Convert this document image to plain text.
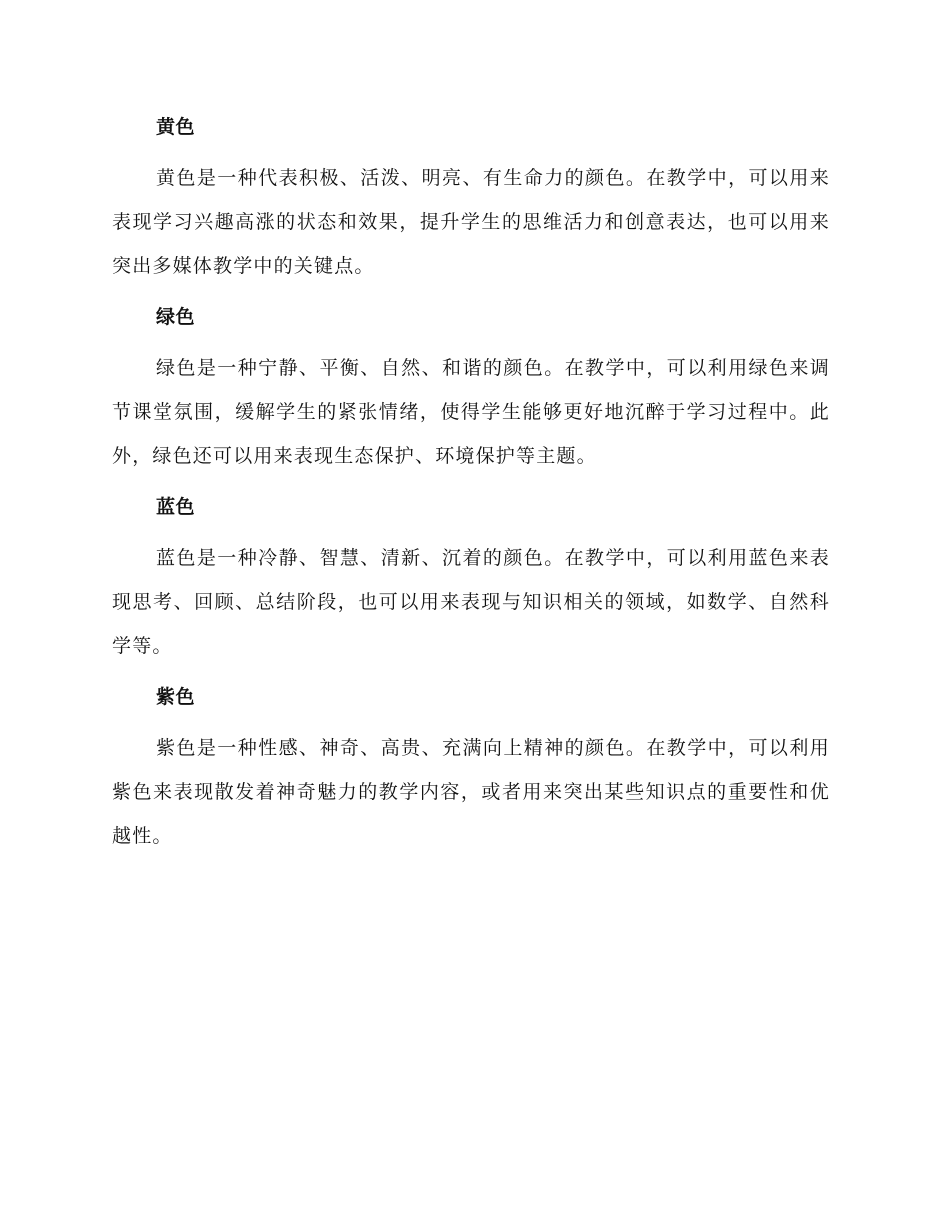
黄色

黄色是一种代表积极、活泼、明亮、有生命力的颜色。在教学中，可以用来表现学习兴趣高涨的状态和效果，提升学生的思维活力和创意表达，也可以用来突出多媒体教学中的关键点。

绿色

绿色是一种宁静、平衡、自然、和谐的颜色。在教学中，可以利用绿色来调节课堂氛围，缓解学生的紧张情绪，使得学生能够更好地沉醉于学习过程中。此外，绿色还可以用来表现生态保护、环境保护等主题。

蓝色

蓝色是一种冷静、智慧、清新、沉着的颜色。在教学中，可以利用蓝色来表现思考、回顾、总结阶段，也可以用来表现与知识相关的领域，如数学、自然科学等。

紫色

紫色是一种性感、神奇、高贵、充满向上精神的颜色。在教学中，可以利用紫色来表现散发着神奇魅力的教学内容，或者用来突出某些知识点的重要性和优越性。
